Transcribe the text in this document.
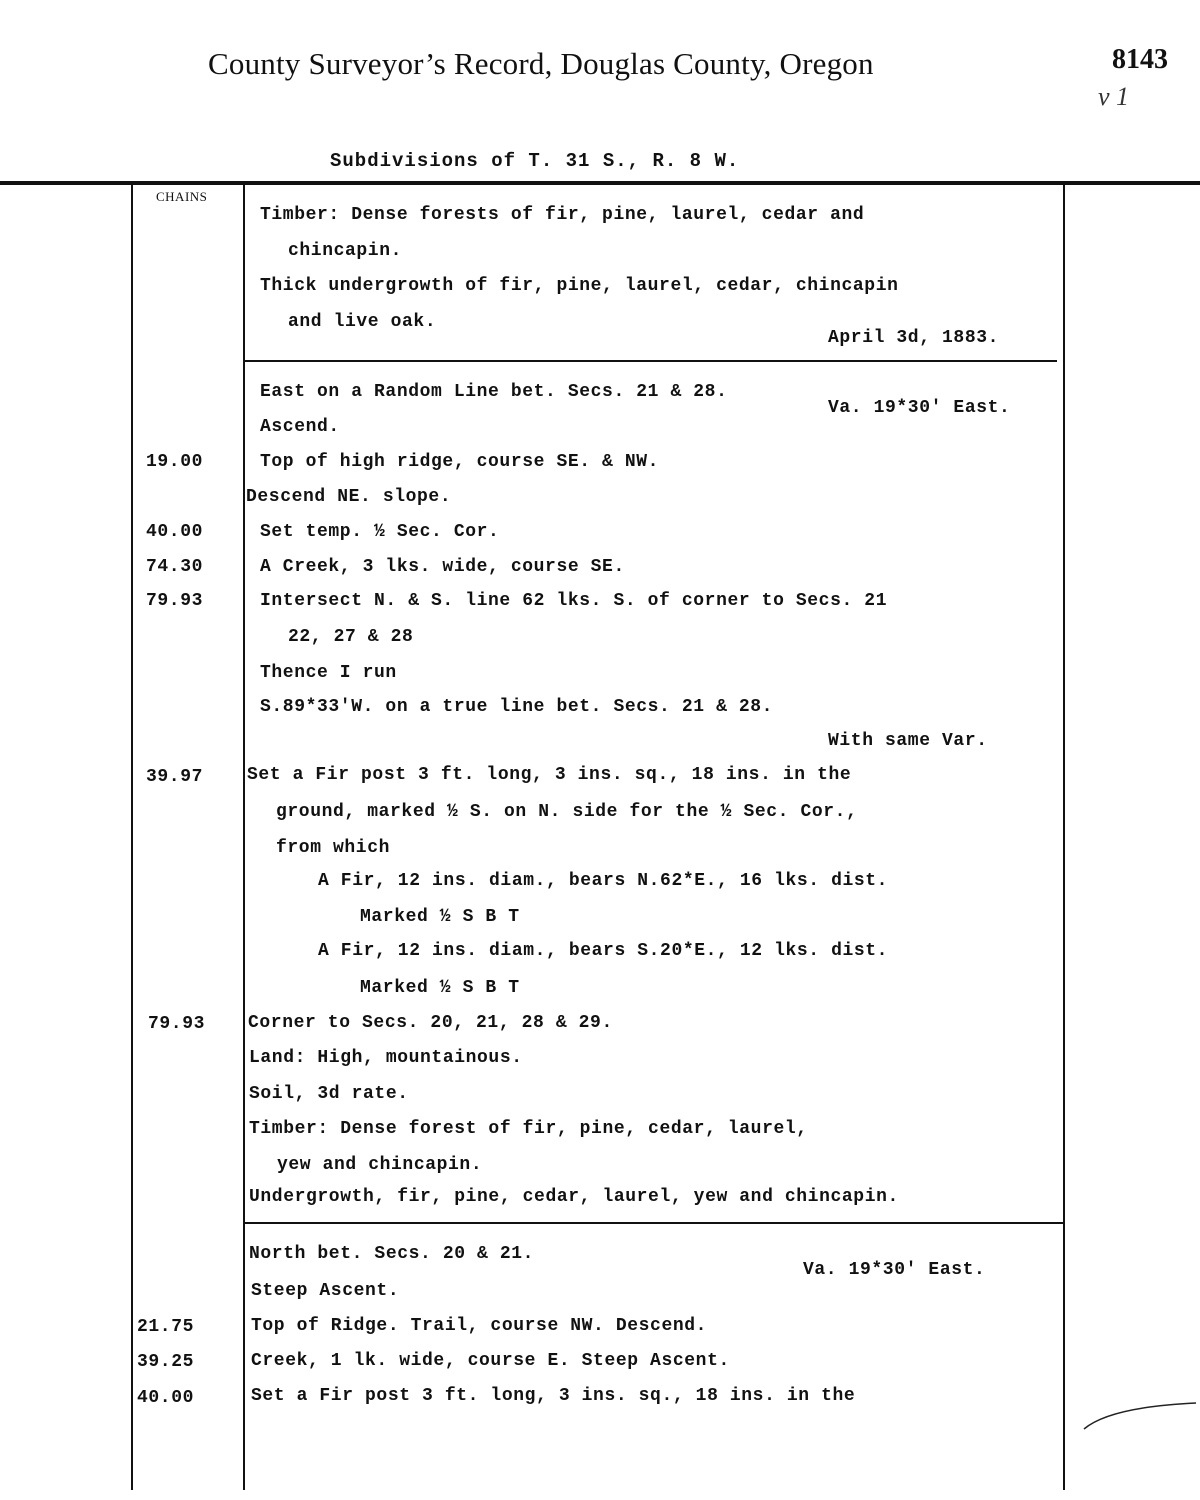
County Surveyor’s Record, Douglas County, Oregon	8143
v 1
Subdivisions of T. 31 S., R. 8 W.
CHAINS
Timber: Dense forests of fir, pine, laurel, cedar and
chincapin.
Thick undergrowth of fir, pine, laurel, cedar, chincapin
and live oak.
April 3d, 1883.
East on a Random Line bet. Secs. 21 & 28.
Va. 19*30' East.
Ascend.
19.00	Top of high ridge, course SE. & NW.
Descend NE. slope.
40.00	Set temp. ½ Sec. Cor.
74.30	A Creek, 3 lks. wide, course SE.
79.93	Intersect N. & S. line 62 lks. S. of corner to Secs. 21
22, 27 & 28
Thence I run
S.89*33'W. on a true line bet. Secs. 21 & 28.
With same Var.
39.97 Set a Fir post 3 ft. long, 3 ins. sq., 18 ins. in the
ground, marked ½ S. on N. side for the ½ Sec. Cor.,
from which
A Fir, 12 ins. diam., bears N.62*E., 16 lks. dist.
Marked ½ S B T
A Fir, 12 ins. diam., bears S.20*E., 12 lks. dist.
Marked ½ S B T
79.93 Corner to Secs. 20, 21, 28 & 29.
Land: High, mountainous.
Soil, 3d rate.
Timber: Dense forest of fir, pine, cedar, laurel,
yew and chincapin.
Undergrowth, fir, pine, cedar, laurel, yew and chincapin.
North bet. Secs. 20 & 21.
Va. 19*30' East.
Steep Ascent.
21.75	Top of Ridge. Trail, course NW. Descend.
39.25	Creek, 1 lk. wide, course E. Steep Ascent.
40.00	Set a Fir post 3 ft. long, 3 ins. sq., 18 ins. in the
